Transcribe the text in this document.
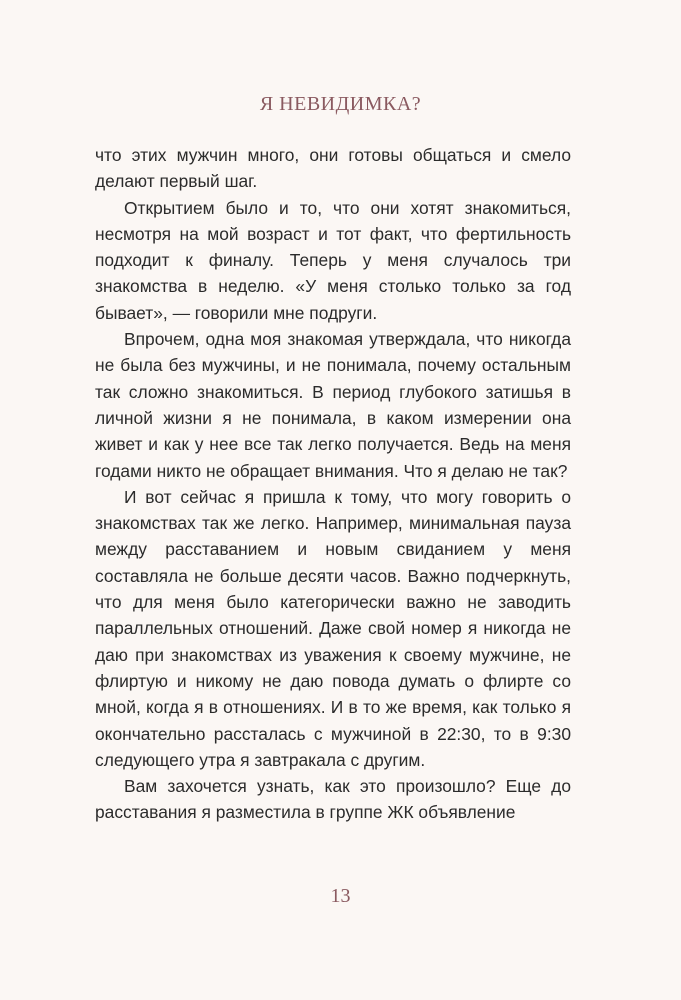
Я НЕВИДИМКА?

что этих мужчин много, они готовы общаться и смело делают первый шаг.

Открытием было и то, что они хотят знакомиться, несмотря на мой возраст и тот факт, что фертильность подходит к финалу. Теперь у меня случалось три знакомства в неделю. «У меня столько только за год бывает», — говорили мне подруги.

Впрочем, одна моя знакомая утверждала, что никогда не была без мужчины, и не понимала, почему остальным так сложно знакомиться. В период глубокого затишья в личной жизни я не понимала, в каком измерении она живет и как у нее все так легко получается. Ведь на меня годами никто не обращает внимания. Что я делаю не так?

И вот сейчас я пришла к тому, что могу говорить о знакомствах так же легко. Например, минимальная пауза между расставанием и новым свиданием у меня составляла не больше десяти часов. Важно подчеркнуть, что для меня было категорически важно не заводить параллельных отношений. Даже свой номер я никогда не даю при знакомствах из уважения к своему мужчине, не флиртую и никому не даю повода думать о флирте со мной, когда я в отношениях. И в то же время, как только я окончательно рассталась с мужчиной в 22:30, то в 9:30 следующего утра я завтракала с другим.

Вам захочется узнать, как это произошло? Еще до расставания я разместила в группе ЖК объявление

13
